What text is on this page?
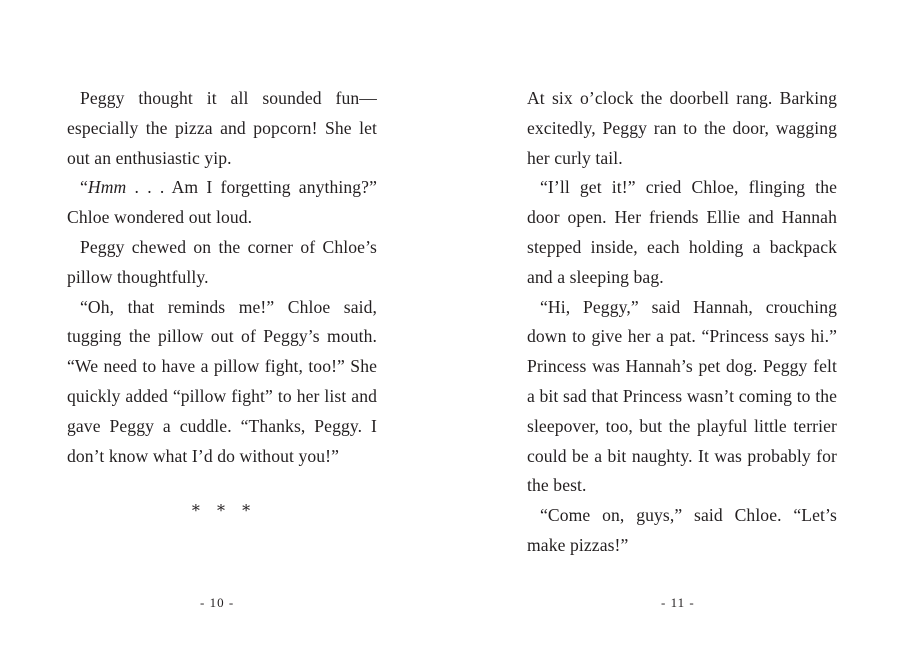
Peggy thought it all sounded fun—especially the pizza and popcorn! She let out an enthusiastic yip.

“Hmm . . . Am I forgetting anything?” Chloe wondered out loud.

Peggy chewed on the corner of Chloe’s pillow thoughtfully.

“Oh, that reminds me!” Chloe said, tugging the pillow out of Peggy’s mouth. “We need to have a pillow fight, too!” She quickly added “pillow fight” to her list and gave Peggy a cuddle. “Thanks, Peggy. I don’t know what I’d do without you!”

* * *

At six o’clock the doorbell rang. Barking excitedly, Peggy ran to the door, wagging her curly tail.

“I’ll get it!” cried Chloe, flinging the door open. Her friends Ellie and Hannah stepped inside, each holding a backpack and a sleeping bag.

“Hi, Peggy,” said Hannah, crouching down to give her a pat. “Princess says hi.” Princess was Hannah’s pet dog. Peggy felt a bit sad that Princess wasn’t coming to the sleepover, too, but the playful little terrier could be a bit naughty. It was probably for the best.

“Come on, guys,” said Chloe. “Let’s make pizzas!”

- 10 -	- 11 -
